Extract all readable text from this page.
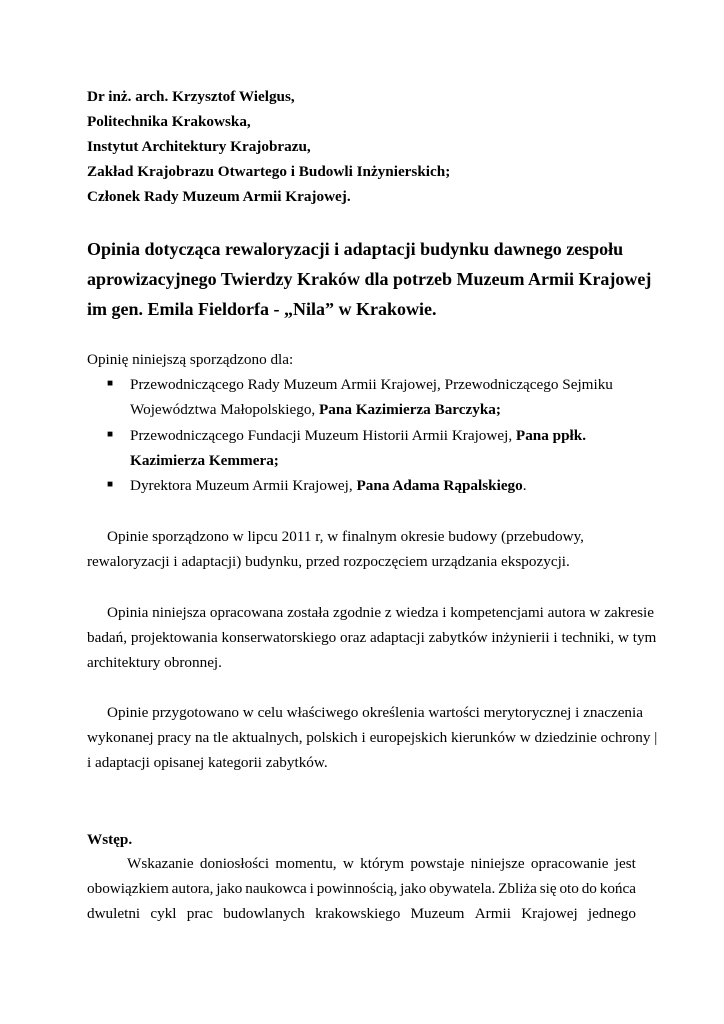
Dr inż. arch. Krzysztof Wielgus,
Politechnika Krakowska,
Instytut Architektury Krajobrazu,
Zakład Krajobrazu Otwartego i Budowli Inżynierskich;
Członek Rady Muzeum Armii Krajowej.
Opinia dotycząca rewaloryzacji i adaptacji budynku dawnego zespołu
aprowizacyjnego Twierdzy Kraków dla potrzeb Muzeum Armii Krajowej
im gen. Emila Fieldorfa - „Nila” w Krakowie.
Opinię niniejszą sporządzono dla:
■ Przewodniczącego Rady Muzeum Armii Krajowej, Przewodniczącego Sejmiku
Województwa Małopolskiego, Pana Kazimierza Barczyka;
■ Przewodniczącego Fundacji Muzeum Historii Armii Krajowej, Pana ppłk.
Kazimierza Kemmera;
■ Dyrektora Muzeum Armii Krajowej, Pana Adama Rąpalskiego.
Opinie sporządzono w lipcu 2011 r, w finalnym okresie budowy (przebudowy,
rewaloryzacji i adaptacji) budynku, przed rozpoczęciem urządzania ekspozycji.
Opinia niniejsza opracowana została zgodnie z wiedza i kompetencjami autora w zakresie
badań, projektowania konserwatorskiego oraz adaptacji zabytków inżynierii i techniki, w tym
architektury obronnej.
Opinie przygotowano w celu właściwego określenia wartości merytorycznej i znaczenia
wykonanej pracy na tle aktualnych, polskich i europejskich kierunków w dziedzinie ochrony |
i adaptacji opisanej kategorii zabytków.
Wstęp.
Wskazanie doniosłości momentu, w którym powstaje niniejsze opracowanie jest
obowiązkiem autora, jako naukowca i powinnością, jako obywatela. Zbliża się oto do końca
dwuletni cykl prac budowlanych krakowskiego Muzeum Armii Krajowej jednego
